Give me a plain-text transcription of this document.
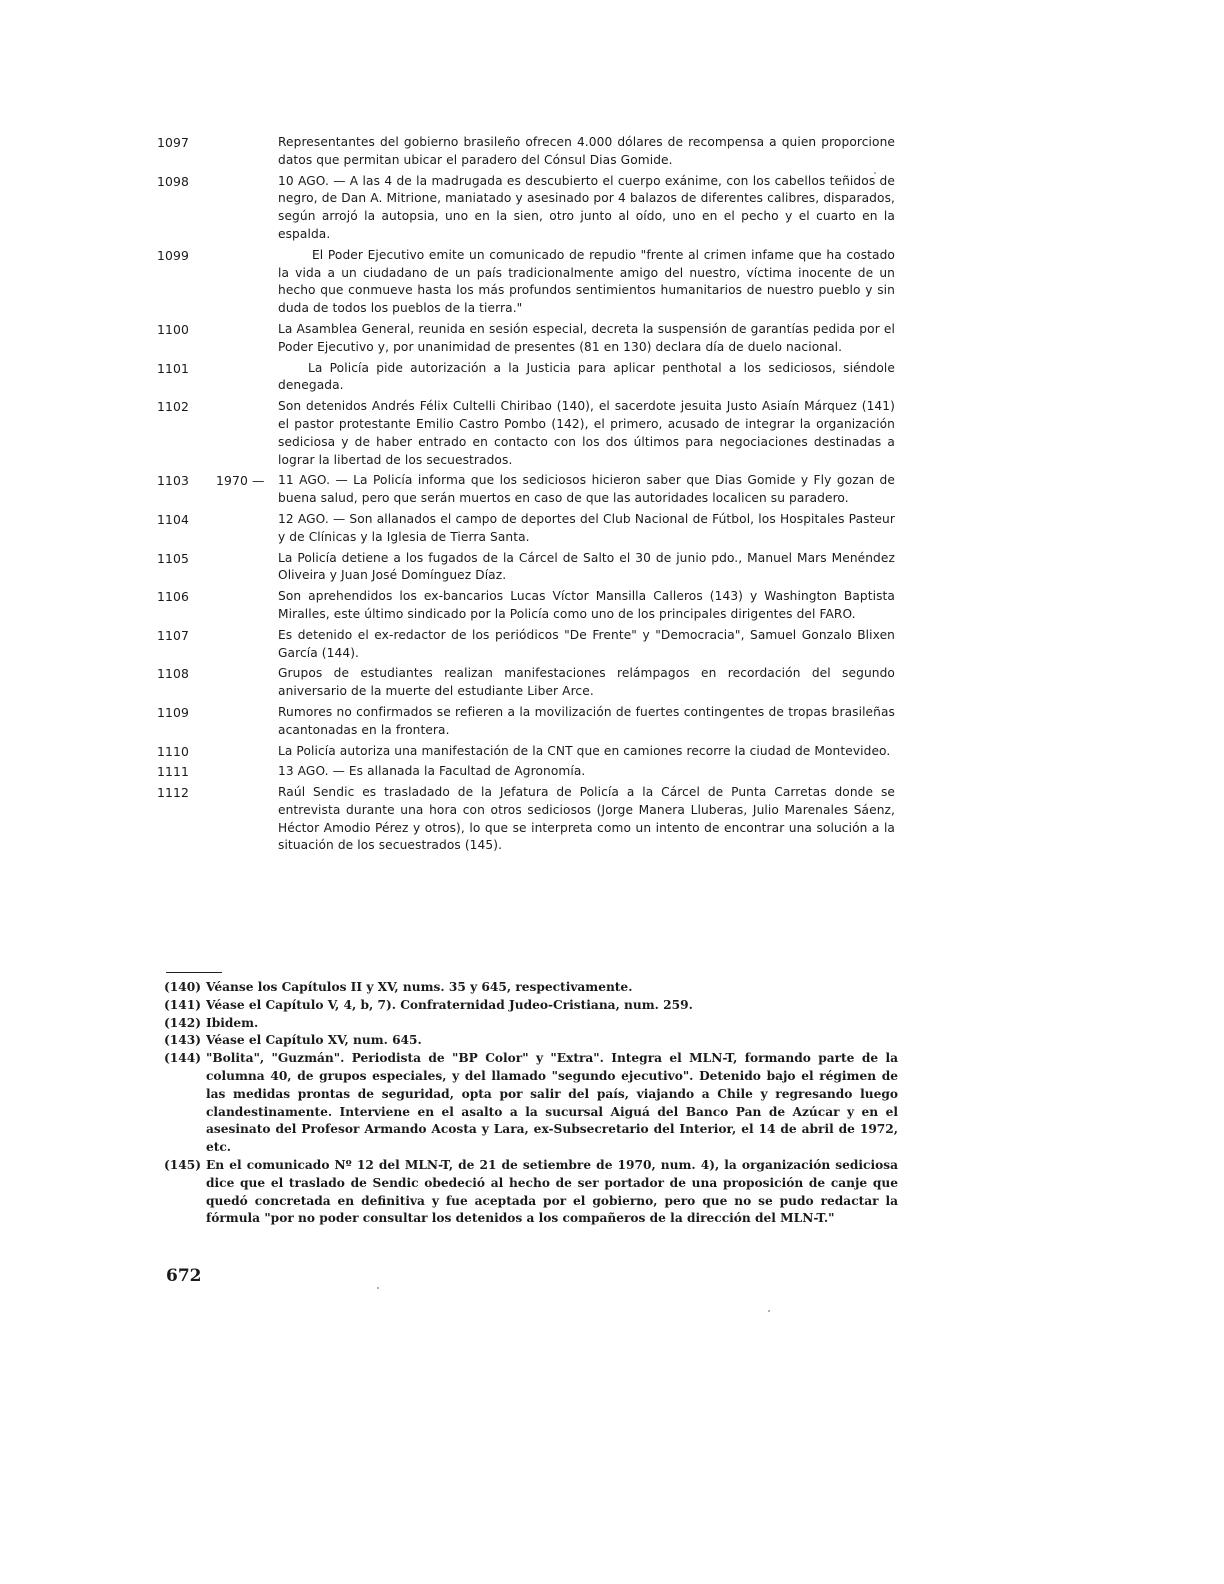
1097	Representantes del gobierno brasileño ofrecen 4.000 dólares de recompensa a quien proporcione datos que permitan ubicar el paradero del Cónsul Dias Gomide.
1098	10 AGO. — A las 4 de la madrugada es descubierto el cuerpo exánime, con los cabellos teñidos de negro, de Dan A. Mitrione, maniatado y asesinado por 4 balazos de diferentes calibres, disparados, según arrojó la autopsia, uno en la sien, otro junto al oído, uno en el pecho y el cuarto en la espalda.
1099	El Poder Ejecutivo emite un comunicado de repudio "frente al crimen infame que ha costado la vida a un ciudadano de un país tradicionalmente amigo del nuestro, víctima inocente de un hecho que conmueve hasta los más profundos sentimientos humanitarios de nuestro pueblo y sin duda de todos los pueblos de la tierra."
1100	La Asamblea General, reunida en sesión especial, decreta la suspensión de garantías pedida por el Poder Ejecutivo y, por unanimidad de presentes (81 en 130) declara día de duelo nacional.
1101	La Policía pide autorización a la Justicia para aplicar penthotal a los sediciosos, siéndole denegada.
1102	Son detenidos Andrés Félix Cultelli Chiribao (140), el sacerdote jesuita Justo Asiaín Márquez (141) el pastor protestante Emilio Castro Pombo (142), el primero, acusado de integrar la organización sediciosa y de haber entrado en contacto con los dos últimos para negociaciones destinadas a lograr la libertad de los secuestrados.
1103	1970 — 11 AGO. — La Policía informa que los sediciosos hicieron saber que Dias Gomide y Fly gozan de buena salud, pero que serán muertos en caso de que las autoridades localicen su paradero.
1104	12 AGO. — Son allanados el campo de deportes del Club Nacional de Fútbol, los Hospitales Pasteur y de Clínicas y la Iglesia de Tierra Santa.
1105	La Policía detiene a los fugados de la Cárcel de Salto el 30 de junio pdo., Manuel Mars Menéndez Oliveira y Juan José Domínguez Díaz.
1106	Son aprehendidos los ex-bancarios Lucas Víctor Mansilla Calleros (143) y Washington Baptista Miralles, este último sindicado por la Policía como uno de los principales dirigentes del FARO.
1107	Es detenido el ex-redactor de los periódicos "De Frente" y "Democracia", Samuel Gonzalo Blixen García (144).
1108	Grupos de estudiantes realizan manifestaciones relámpagos en recordación del segundo aniversario de la muerte del estudiante Liber Arce.
1109	Rumores no confirmados se refieren a la movilización de fuertes contingentes de tropas brasileñas acantonadas en la frontera.
1110	La Policía autoriza una manifestación de la CNT que en camiones recorre la ciudad de Montevideo.
1111	13 AGO. — Es allanada la Facultad de Agronomía.
1112	Raúl Sendic es trasladado de la Jefatura de Policía a la Cárcel de Punta Carretas donde se entrevista durante una hora con otros sediciosos (Jorge Manera Lluberas, Julio Marenales Sáenz, Héctor Amodio Pérez y otros), lo que se interpreta como un intento de encontrar una solución a la situación de los secuestrados (145).
(140) Véanse los Capítulos II y XV, nums. 35 y 645, respectivamente.
(141) Véase el Capítulo V, 4, b, 7). Confraternidad Judeo-Cristiana, num. 259.
(142) Ibidem.
(143) Véase el Capítulo XV, num. 645.
(144) "Bolita", "Guzmán". Periodista de "BP Color" y "Extra". Integra el MLN-T, formando parte de la columna 40, de grupos especiales, y del llamado "segundo ejecutivo". Detenido bajo el régimen de las medidas prontas de seguridad, opta por salir del país, viajando a Chile y regresando luego clandestinamente. Interviene en el asalto a la sucursal Aiguá del Banco Pan de Azúcar y en el asesinato del Profesor Armando Acosta y Lara, ex-Subsecretario del Interior, el 14 de abril de 1972, etc.
(145) En el comunicado Nº 12 del MLN-T, de 21 de setiembre de 1970, num. 4), la organización sediciosa dice que el traslado de Sendic obedeció al hecho de ser portador de una proposición de canje que quedó concretada en definitiva y fue aceptada por el gobierno, pero que no se pudo redactar la fórmula "por no poder consultar los detenidos a los compañeros de la dirección del MLN-T."
672
